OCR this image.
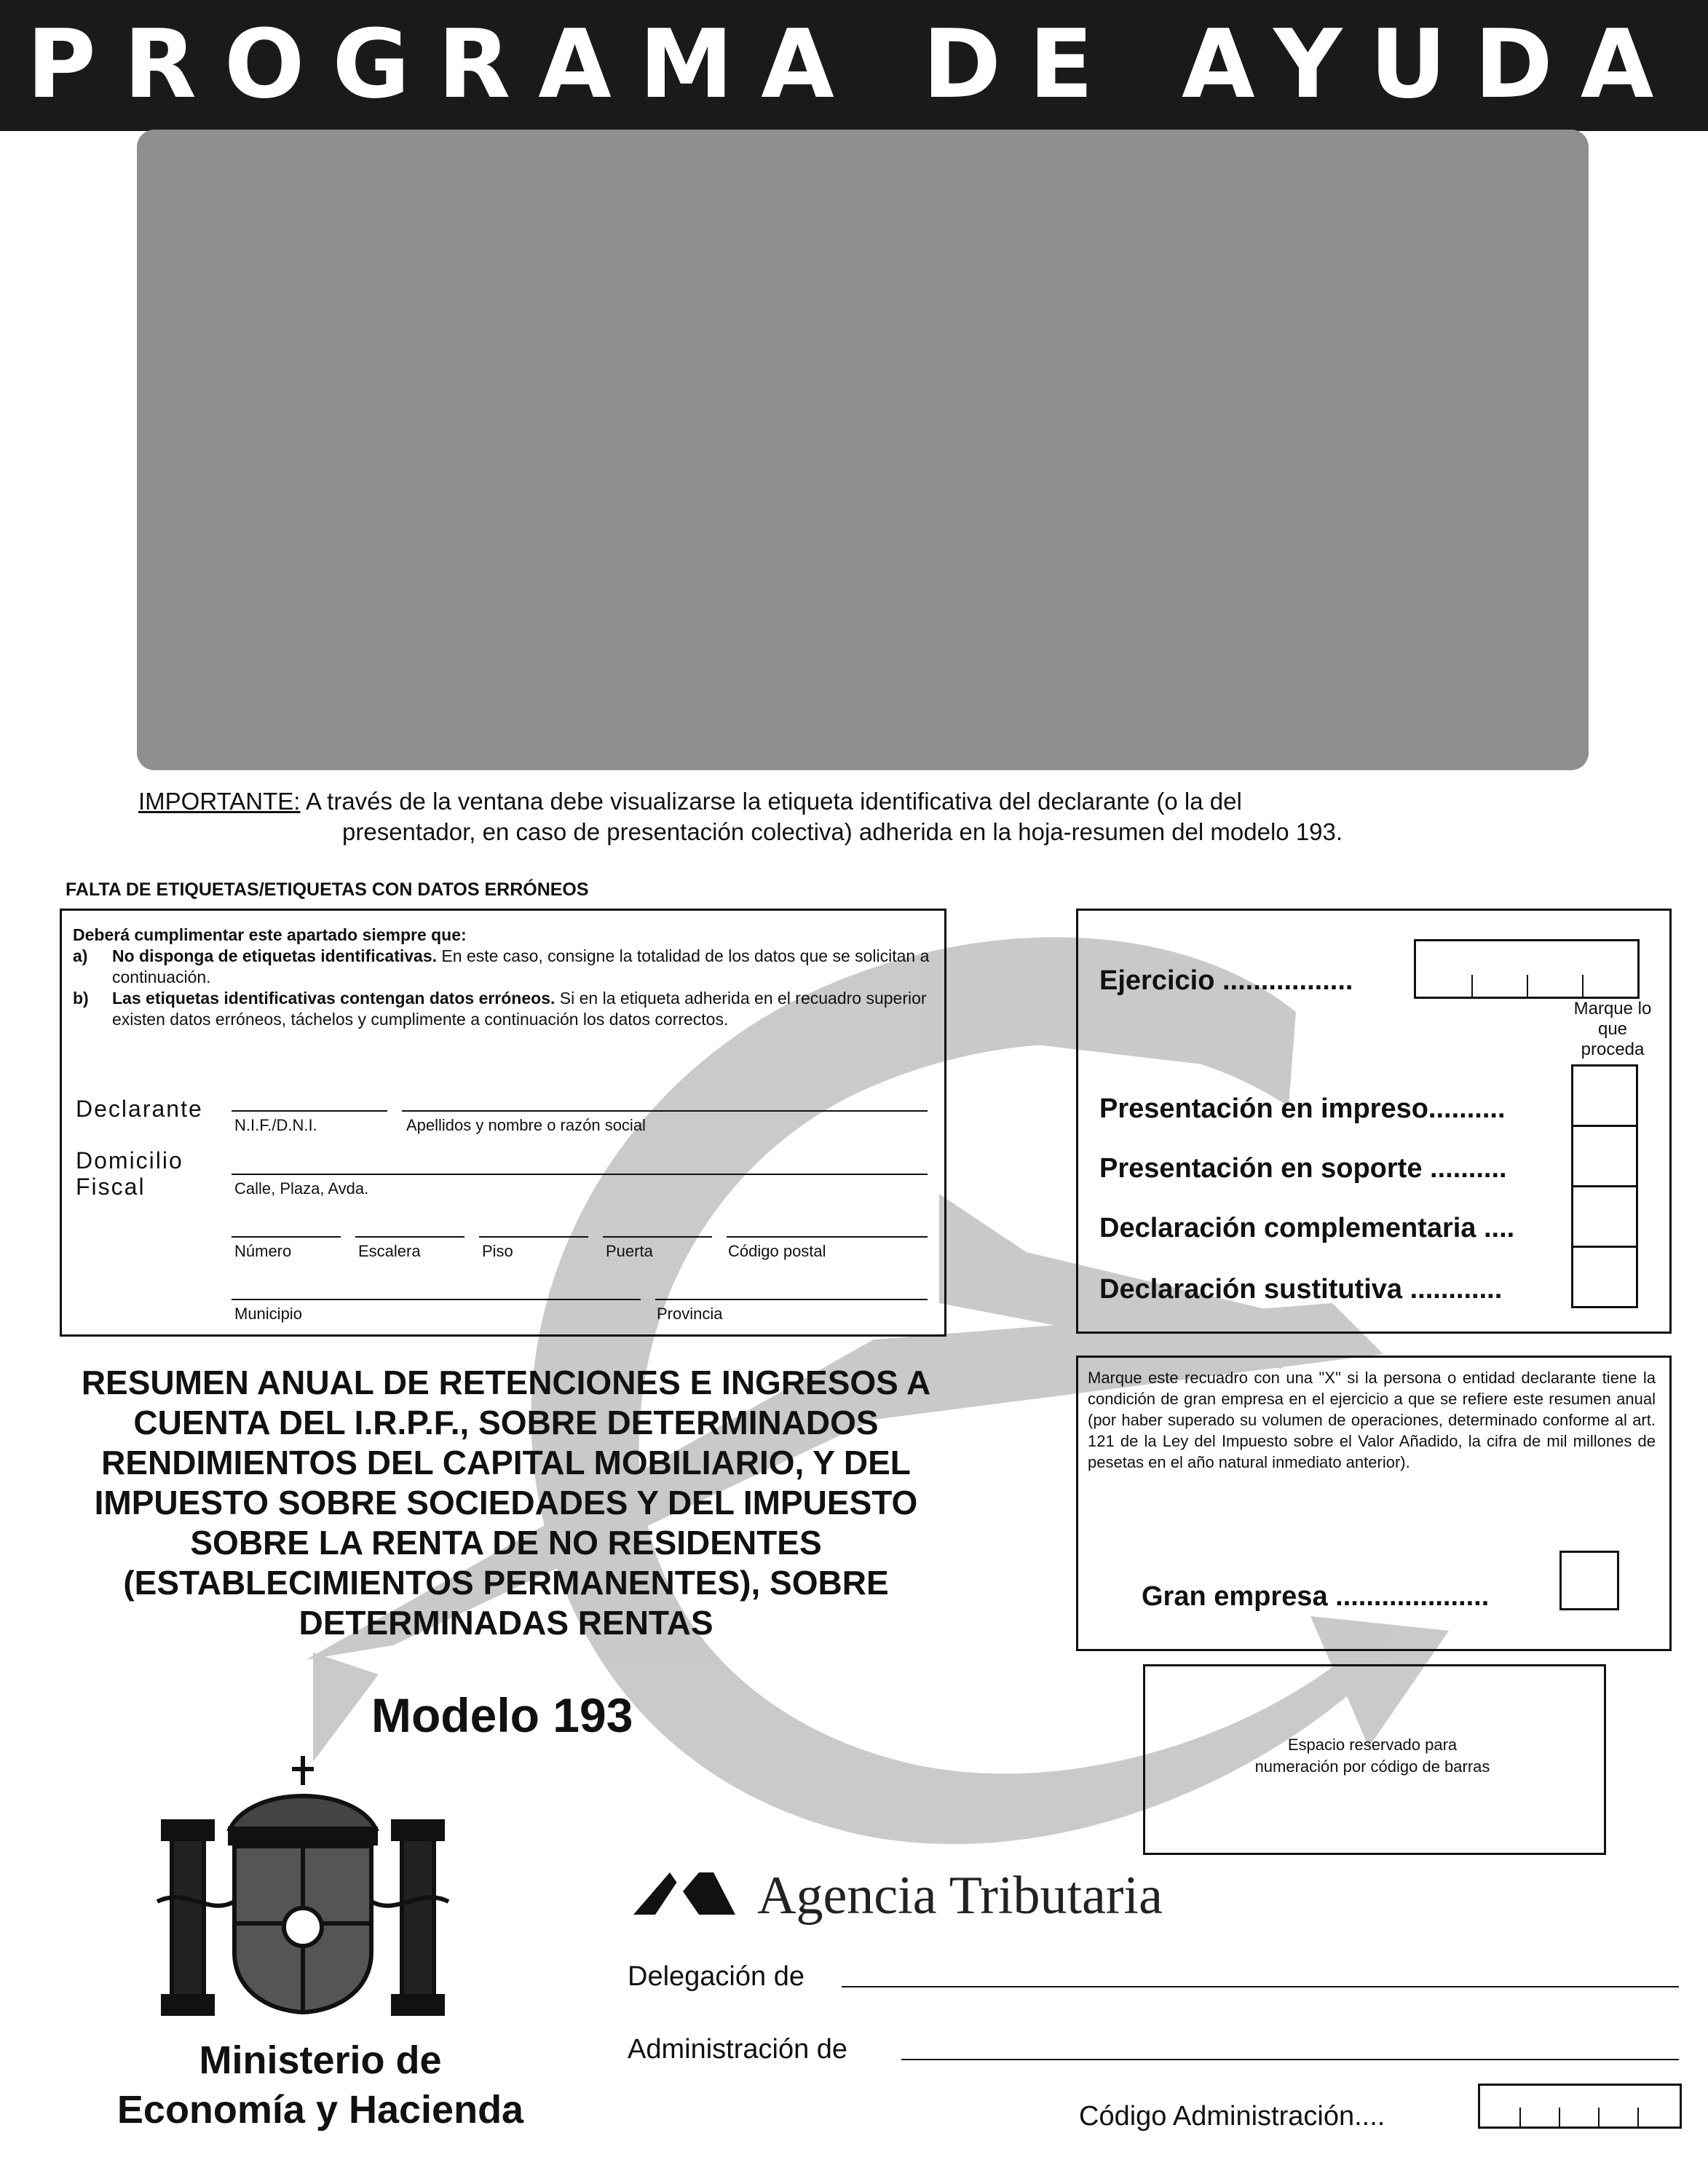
PROGRAMA DE AYUDA
IMPORTANTE: A través de la ventana debe visualizarse la etiqueta identificativa del declarante (o la del
presentador, en caso de presentación colectiva) adherida en la hoja-resumen del modelo 193.
FALTA DE ETIQUETAS/ETIQUETAS CON DATOS ERRÓNEOS
Deberá cumplimentar este apartado siempre que:
a)	No disponga de etiquetas identificativas. En este caso, consigne la totalidad de los datos que se solicitan a continuación.
b)	Las etiquetas identificativas contengan datos erróneos. Si en la etiqueta adherida en el recuadro superior existen datos erróneos, táchelos y cumplimente a continuación los datos correctos.
Declarante
N.I.F./D.N.I.	Apellidos y nombre o razón social
Domicilio
Fiscal	Calle, Plaza, Avda.
Número	Escalera	Piso	Puerta	Código postal
Municipio	Provincia
Ejercicio .................
Marque lo que proceda
Presentación en impreso..........
Presentación en soporte ..........
Declaración complementaria ....
Declaración sustitutiva ............
Marque este recuadro con una "X" si la persona o entidad declarante tiene la condición de gran empresa en el ejercicio a que se refiere este resumen anual (por haber superado su volumen de operaciones, determinado conforme al art. 121 de la Ley del Impuesto sobre el Valor Añadido, la cifra de mil millones de pesetas en el año natural inmediato anterior).
Gran empresa ....................
RESUMEN ANUAL DE RETENCIONES E INGRESOS A
CUENTA DEL I.R.P.F., SOBRE DETERMINADOS
RENDIMIENTOS DEL CAPITAL MOBILIARIO, Y DEL
IMPUESTO SOBRE SOCIEDADES Y DEL IMPUESTO
SOBRE LA RENTA DE NO RESIDENTES
(ESTABLECIMIENTOS PERMANENTES), SOBRE
DETERMINADAS RENTAS
Modelo 193
Espacio reservado para
numeración por código de barras
Agencia Tributaria
Delegación de
Administración de
Código Administración....
Ministerio de
Economía y Hacienda
